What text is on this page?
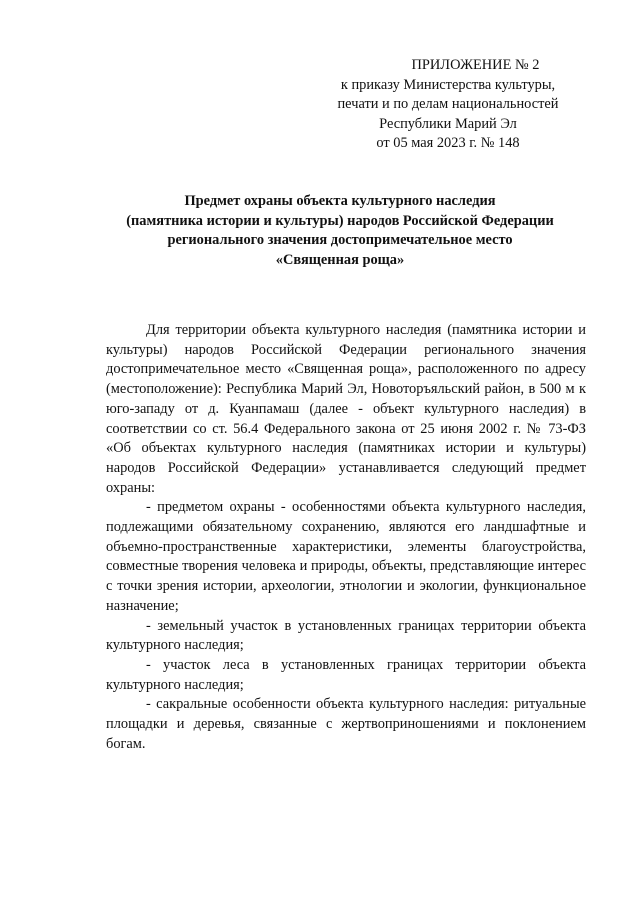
ПРИЛОЖЕНИЕ № 2
к приказу Министерства культуры,
печати и по делам национальностей
Республики Марий Эл
от 05 мая 2023 г. № 148
Предмет охраны объекта культурного наследия
(памятника истории и культуры) народов Российской Федерации
регионального значения достопримечательное место
«Священная роща»

Для территории объекта культурного наследия (памятника истории и культуры) народов Российской Федерации регионального значения достопримечательное место «Священная роща», расположенного по адресу (местоположение): Республика Марий Эл, Новоторъяльский район, в 500 м к юго-западу от д. Куанпамаш (далее - объект культурного наследия) в соответствии со ст. 56.4 Федерального закона от 25 июня 2002 г. № 73-ФЗ «Об объектах культурного наследия (памятниках истории и культуры) народов Российской Федерации» устанавливается следующий предмет охраны:

- предметом охраны - особенностями объекта культурного наследия, подлежащими обязательному сохранению, являются его ландшафтные и объемно-пространственные характеристики, элементы благоустройства, совместные творения человека и природы, объекты, представляющие интерес с точки зрения истории, археологии, этнологии и экологии, функциональное назначение;

- земельный участок в установленных границах территории объекта культурного наследия;

- участок леса в установленных границах территории объекта культурного наследия;

- сакральные особенности объекта культурного наследия: ритуальные площадки и деревья, связанные с жертвоприношениями и поклонением богам.
